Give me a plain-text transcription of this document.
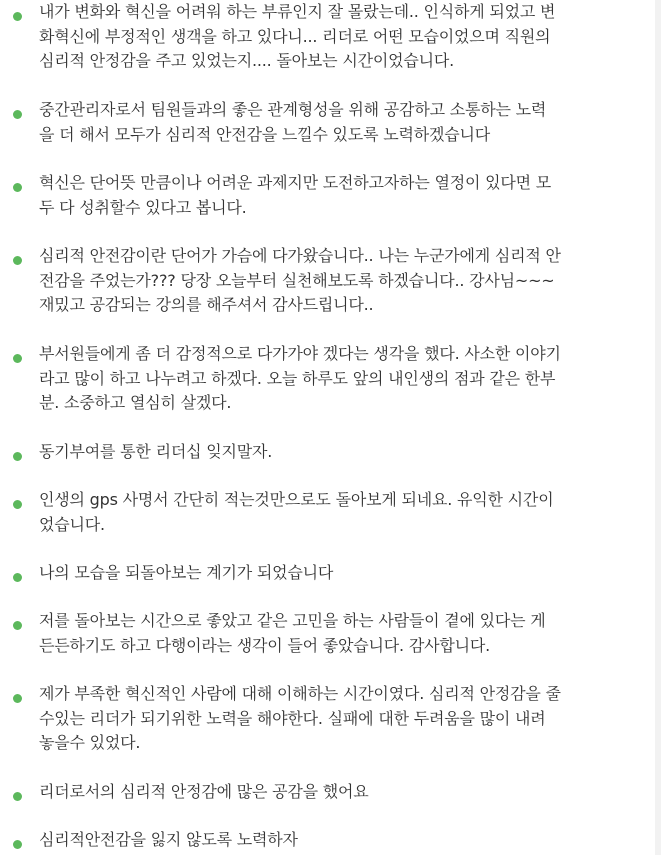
내가 변화와 혁신을 어려워 하는 부류인지 잘 몰랐는데.. 인식하게 되었고 변
화혁신에 부정적인 생객을 하고 있다니... 리더로 어떤 모습이었으며 직원의
심리적 안정감을 주고 있었는지.... 돌아보는 시간이었습니다.
중간관리자로서 팀원들과의 좋은 관계형성을 위해 공감하고 소통하는 노력
을 더 해서 모두가 심리적 안전감을 느낄수 있도록 노력하겠습니다
혁신은 단어뜻 만큼이나 어려운 과제지만 도전하고자하는 열정이 있다면 모
두 다 성취할수 있다고 봅니다.
심리적 안전감이란 단어가 가슴에 다가왔습니다.. 나는 누군가에게 심리적 안
전감을 주었는가??? 당장 오늘부터 실천해보도록 하겠습니다.. 강사님~~~
재밌고 공감되는 강의를 해주셔서 감사드립니다..
부서원들에게 좀 더 감정적으로 다가가야 겠다는 생각을 했다. 사소한 이야기
라고 많이 하고 나누려고 하겠다. 오늘 하루도 앞의 내인생의 점과 같은 한부
분. 소중하고 열심히 살겠다.
동기부여를 통한 리더십 잊지말자.
인생의 gps 사명서 간단히 적는것만으로도 돌아보게 되네요. 유익한 시간이
었습니다.
나의 모습을 되돌아보는 계기가 되었습니다
저를 돌아보는 시간으로 좋았고 같은 고민을 하는 사람들이 곁에 있다는 게
든든하기도 하고 다행이라는 생각이 들어 좋았습니다. 감사합니다.
제가 부족한 혁신적인 사람에 대해 이해하는 시간이였다. 심리적 안정감을 줄
수있는 리더가 되기위한 노력을 해야한다. 실패에 대한 두려움을 많이 내려
놓을수 있었다.
리더로서의 심리적 안정감에 많은 공감을 했어요
심리적안전감을 잃지 않도록 노력하자
